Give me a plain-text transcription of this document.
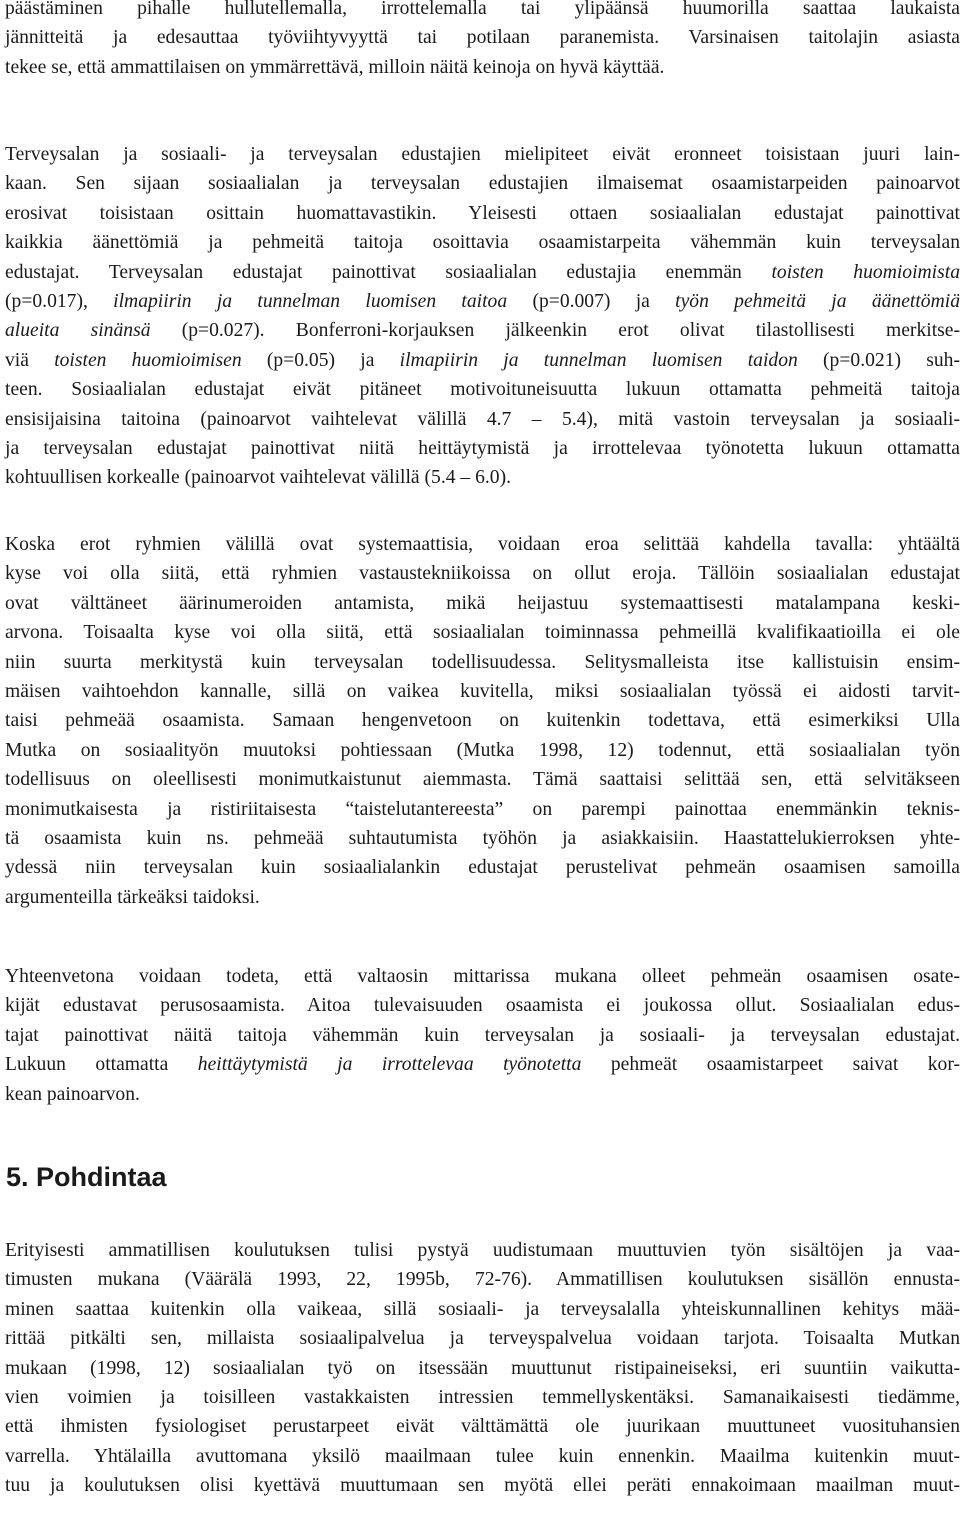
päästäminen pihalle hullutellemalla, irrottelemalla tai ylipäänsä huumorilla saattaa laukaista
jännitteitä ja edesauttaa työviihtyvyyttä tai potilaan paranemista. Varsinaisen taitolajin asiasta
tekee se, että ammattilaisen on ymmärrettävä, milloin näitä keinoja on hyvä käyttää.
Terveysalan ja sosiaali- ja terveysalan edustajien mielipiteet eivät eronneet toisistaan juuri lain-
kaan. Sen sijaan sosiaalialan ja terveysalan edustajien ilmaisemat osaamistarpeiden painoarvot
erosivat toisistaan osittain huomattavastikin. Yleisesti ottaen sosiaalialan edustajat painottivat
kaikkia äänettömiä ja pehmeitä taitoja osoittavia osaamistarpeita vähemmän kuin terveysalan
edustajat. Terveysalan edustajat painottivat sosiaalialan edustajia enemmän toisten huomioimista
(p=0.017), ilmapiirin ja tunnelman luomisen taitoa (p=0.007) ja työn pehmeitä ja äänettömiä
alueita sinänsä (p=0.027). Bonferroni-korjauksen jälkeenkin erot olivat tilastollisesti merkitse-
viä toisten huomioimisen (p=0.05) ja ilmapiirin ja tunnelman luomisen taidon (p=0.021) suh-
teen. Sosiaalialan edustajat eivät pitäneet motivoituneisuutta lukuun ottamatta pehmeitä taitoja
ensisijaisina taitoina (painoarvot vaihtelevat välillä 4.7 – 5.4), mitä vastoin terveysalan ja sosiaali-
ja terveysalan edustajat painottivat niitä heittäytymistä ja irrottelevaa työnotetta lukuun ottamatta
kohtuullisen korkealle (painoarvot vaihtelevat välillä (5.4 – 6.0).
Koska erot ryhmien välillä ovat systemaattisia, voidaan eroa selittää kahdella tavalla: yhtäältä
kyse voi olla siitä, että ryhmien vastaustekniikoissa on ollut eroja. Tällöin sosiaalialan edustajat
ovat välttäneet äärinumeroiden antamista, mikä heijastuu systemaattisesti matalampana keski-
arvona. Toisaalta kyse voi olla siitä, että sosiaalialan toiminnassa pehmeillä kvalifikaatioilla ei ole
niin suurta merkitystä kuin terveysalan todellisuudessa. Selitysmalleista itse kallistuisin ensim-
mäisen vaihtoehdon kannalle, sillä on vaikea kuvitella, miksi sosiaalialan työssä ei aidosti tarvit-
taisi pehmeää osaamista. Samaan hengenvetoon on kuitenkin todettava, että esimerkiksi Ulla
Mutka on sosiaalityön muutoksi pohtiessaan (Mutka 1998, 12) todennut, että sosiaalialan työn
todellisuus on oleellisesti monimutkaistunut aiemmasta. Tämä saattaisi selittää sen, että selvitäkseen
monimutkaisesta ja ristiriitaisesta “taistelutantereesta” on parempi painottaa enemmänkin teknis-
tä osaamista kuin ns. pehmeää suhtautumista työhön ja asiakkaisiin. Haastattelukierroksen yhte-
ydessä niin terveysalan kuin sosiaalialankin edustajat perustelivat pehmeän osaamisen samoilla
argumenteilla tärkeäksi taidoksi.
Yhteenvetona voidaan todeta, että valtaosin mittarissa mukana olleet pehmeän osaamisen osate-
kijät edustavat perusosaamista. Aitoa tulevaisuuden osaamista ei joukossa ollut. Sosiaalialan edus-
tajat painottivat näitä taitoja vähemmän kuin terveysalan ja sosiaali- ja terveysalan edustajat.
Lukuun ottamatta heittäytymistä ja irrottelevaa työnotetta pehmeät osaamistarpeet saivat kor-
kean painoarvon.
5. Pohdintaa
Erityisesti ammatillisen koulutuksen tulisi pystyä uudistumaan muuttuvien työn sisältöjen ja vaa-
timusten mukana (Väärälä 1993, 22, 1995b, 72-76). Ammatillisen koulutuksen sisällön ennusta-
minen saattaa kuitenkin olla vaikeaa, sillä sosiaali- ja terveysalalla yhteiskunnallinen kehitys mää-
rittää pitkälti sen, millaista sosiaalipalvelua ja terveyspalvelua voidaan tarjota. Toisaalta Mutkan
mukaan (1998, 12) sosiaalialan työ on itsessään muuttunut ristipaineiseksi, eri suuntiin vaikutta-
vien voimien ja toisilleen vastakkaisten intressien temmellyskentäksi. Samanaikaisesti tiedämme,
että ihmisten fysiologiset perustarpeet eivät välttämättä ole juurikaan muuttuneet vuosituhansien
varrella. Yhtälailla avuttomana yksilö maailmaan tulee kuin ennenkin. Maailma kuitenkin muut-
tuu ja koulutuksen olisi kyettävä muuttumaan sen myötä ellei peräti ennakoimaan maailman muut-
